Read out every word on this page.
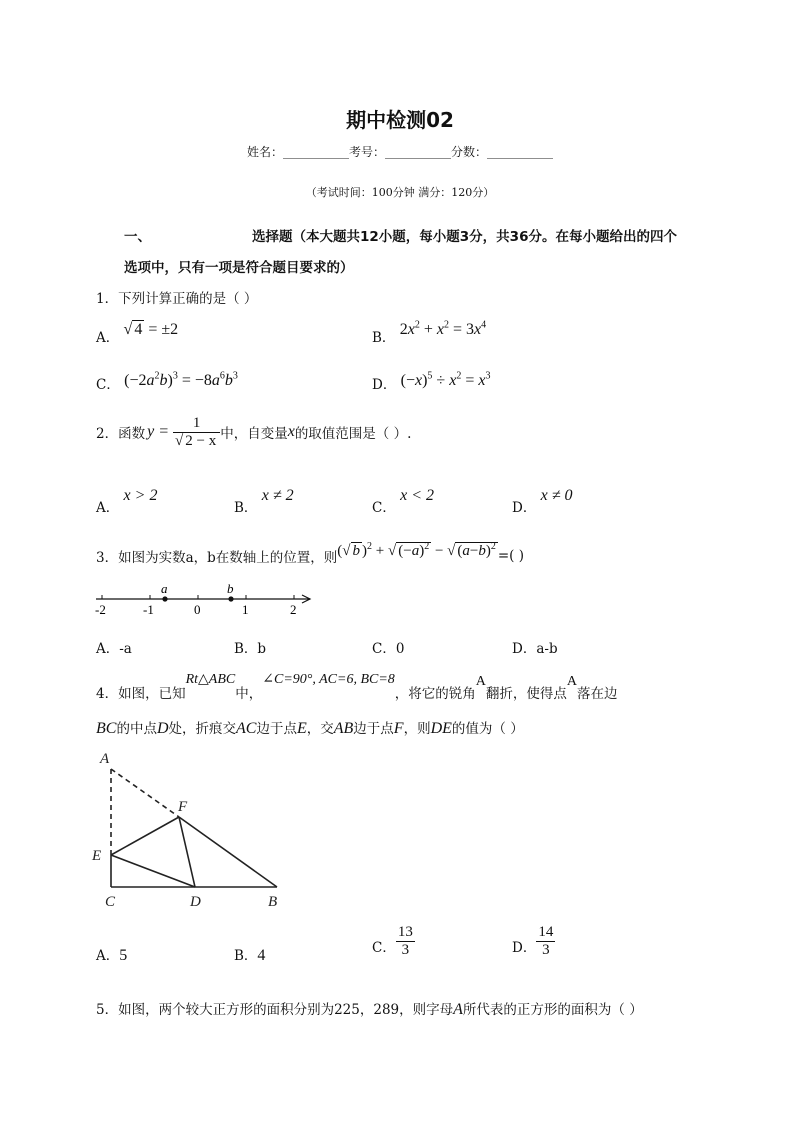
期中检测02
姓名：___________考号：___________分数：___________
（考试时间：100分钟 满分：120分）
一、	选择题（本大题共12小题，每小题3分，共36分。在每小题给出的四个
选项中，只有一项是符合题目要求的）
1．下列计算正确的是（ ）
A． √ 4 = ±2	B． $2x^2 + x^2 = 3x^4$
C． $(-2a^2b)^3 = -8a^6b^3$
D． $(-x)^5 \div x^2 = x^3$
2．函数 $y = \frac{1}{√ 2 - x}$ 中，自变量 x 的取值范围是（ ）.
A． x > 2
B． x ≠ 2
C． x < 2
D． x ≠ 0
3．如图为实数a，b在数轴上的位置，则 (√ b )$^2$ + √ $(-a)^2$ − √ $(a-b)^2$
=( )
-2	-1	0	1	2
a	b
A．-a	B．b	C．0	D．a-b
4．如图，已知
Rt△ABC
中，
∠C=90°, AC=6, BC=8
，将它的锐角
A
翻折，使得点
A
落在边
BC的中点D处，折痕交AC边于点E，交AB边于点F，则DE的值为（ ）
A
F
E
C	D	B
A．5	B．4	C． $\frac{13}{3}$	D． $\frac{14}{3}$
5．如图，两个较大正方形的面积分别为225，289，则字母A所代表的正方形的面积为（ ）
